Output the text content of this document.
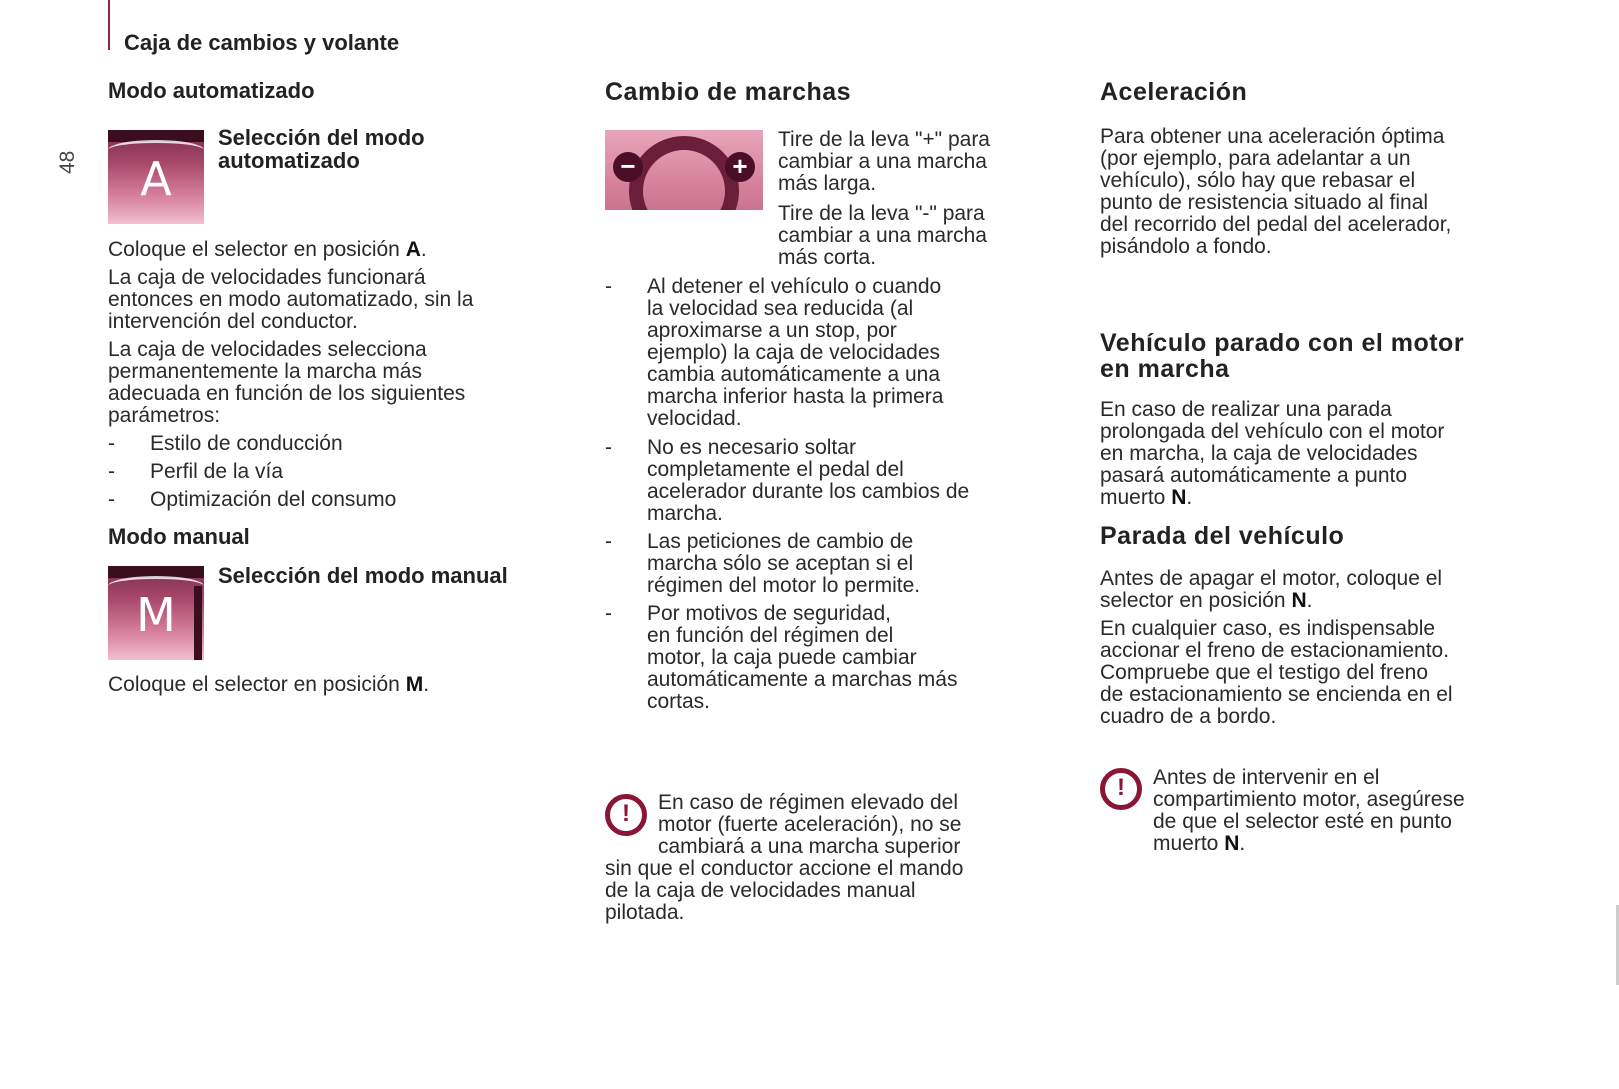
Caja de cambios y volante
48
Modo automatizado
A
Selección del modo
automatizado
Coloque el selector en posición A.
La caja de velocidades funcionará
entonces en modo automatizado, sin la
intervención del conductor.
La caja de velocidades selecciona
permanentemente la marcha más
adecuada en función de los siguientes
parámetros:
- Estilo de conducción
- Perfil de la vía
- Optimización del consumo
Modo manual
M
Selección del modo manual
Coloque el selector en posición M.
Cambio de marchas
−	+
Tire de la leva "+" para
cambiar a una marcha
más larga.
Tire de la leva "-" para
cambiar a una marcha
más corta.
- Al detener el vehículo o cuando
la velocidad sea reducida (al
aproximarse a un stop, por
ejemplo) la caja de velocidades
cambia automáticamente a una
marcha inferior hasta la primera
velocidad.
- No es necesario soltar
completamente el pedal del
acelerador durante los cambios de
marcha.
- Las peticiones de cambio de
marcha sólo se aceptan si el
régimen del motor lo permite.
- Por motivos de seguridad,
en función del régimen del
motor, la caja puede cambiar
automáticamente a marchas más
cortas.
!	En caso de régimen elevado del
motor (fuerte aceleración), no se
cambiará a una marcha superior
sin que el conductor accione el mando
de la caja de velocidades manual
pilotada.
Aceleración
Para obtener una aceleración óptima
(por ejemplo, para adelantar a un
vehículo), sólo hay que rebasar el
punto de resistencia situado al final
del recorrido del pedal del acelerador,
pisándolo a fondo.
Vehículo parado con el motor
en marcha
En caso de realizar una parada
prolongada del vehículo con el motor
en marcha, la caja de velocidades
pasará automáticamente a punto
muerto N.
Parada del vehículo
Antes de apagar el motor, coloque el
selector en posición N.
En cualquier caso, es indispensable
accionar el freno de estacionamiento.
Compruebe que el testigo del freno
de estacionamiento se encienda en el
cuadro de a bordo.
!	Antes de intervenir en el
compartimiento motor, asegúrese
de que el selector esté en punto
muerto N.
